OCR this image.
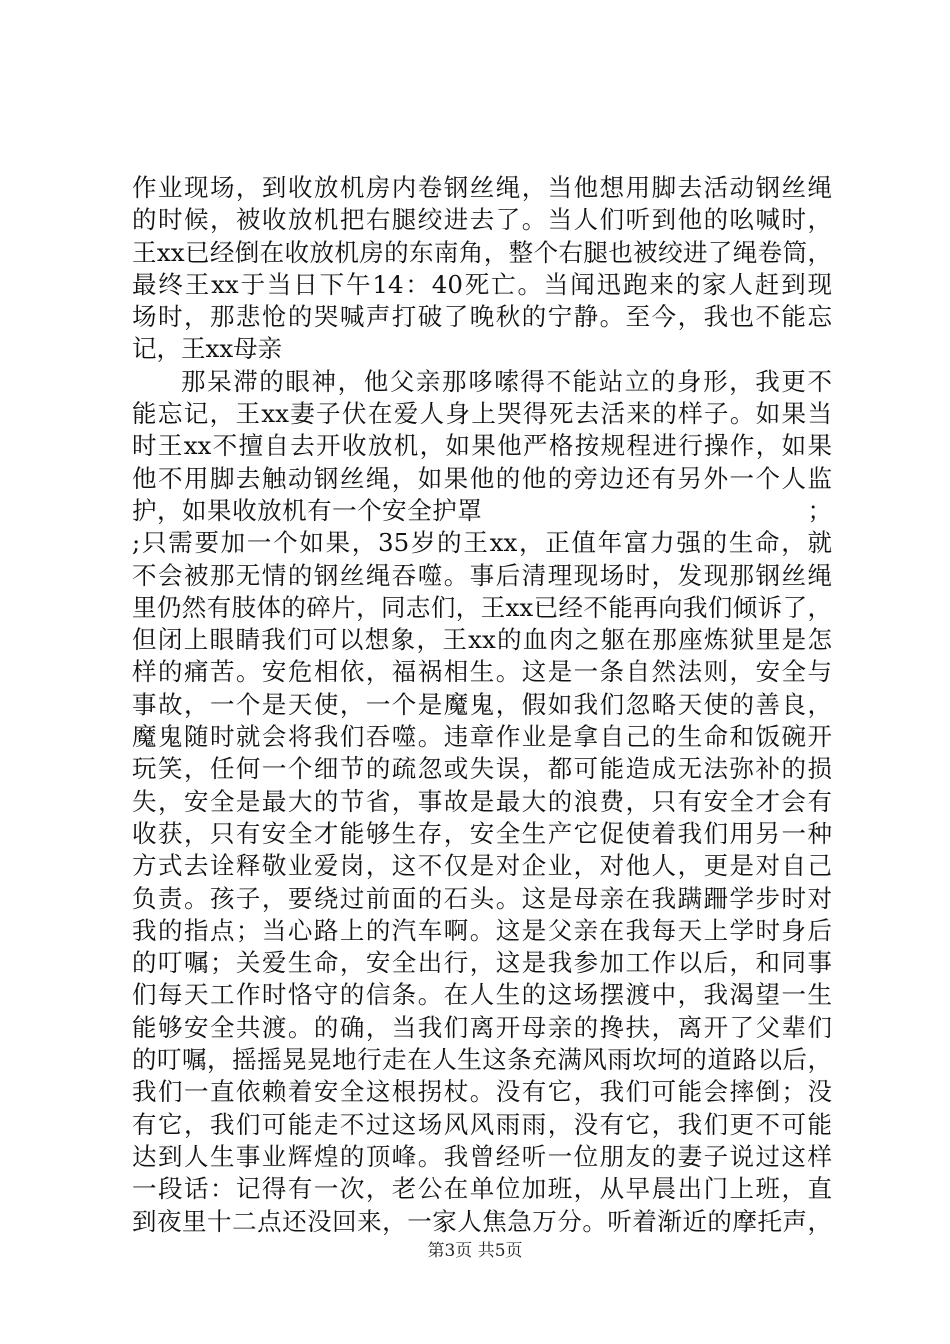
作业现场，到收放机房内卷钢丝绳，当他想用脚去活动钢丝绳
的时候，被收放机把右腿绞进去了。当人们听到他的吆喊时，
王xx已经倒在收放机房的东南角，整个右腿也被绞进了绳卷筒，
最终王xx于当日下午14：40死亡。当闻迅跑来的家人赶到现
场时，那悲怆的哭喊声打破了晚秋的宁静。至今，我也不能忘
记，王xx母亲
那呆滞的眼神，他父亲那哆嗦得不能站立的身形，我更不
能忘记，王xx妻子伏在爱人身上哭得死去活来的样子。如果当
时王xx不擅自去开收放机，如果他严格按规程进行操作，如果
他不用脚去触动钢丝绳，如果他的他的旁边还有另外一个人监
护，如果收放机有一个安全护罩　　　　　　　　　　　　　；
;只需要加一个如果，35岁的王xx，正值年富力强的生命，就
不会被那无情的钢丝绳吞噬。事后清理现场时，发现那钢丝绳
里仍然有肢体的碎片，同志们，王xx已经不能再向我们倾诉了，
但闭上眼睛我们可以想象，王xx的血肉之躯在那座炼狱里是怎
样的痛苦。安危相依，福祸相生。这是一条自然法则，安全与
事故，一个是天使，一个是魔鬼，假如我们忽略天使的善良，
魔鬼随时就会将我们吞噬。违章作业是拿自己的生命和饭碗开
玩笑，任何一个细节的疏忽或失误，都可能造成无法弥补的损
失，安全是最大的节省，事故是最大的浪费，只有安全才会有
收获，只有安全才能够生存，安全生产它促使着我们用另一种
方式去诠释敬业爱岗，这不仅是对企业，对他人，更是对自己
负责。孩子，要绕过前面的石头。这是母亲在我蹒跚学步时对
我的指点；当心路上的汽车啊。这是父亲在我每天上学时身后
的叮嘱；关爱生命，安全出行，这是我参加工作以后，和同事
们每天工作时恪守的信条。在人生的这场摆渡中，我渴望一生
能够安全共渡。的确，当我们离开母亲的搀扶，离开了父辈们
的叮嘱，摇摇晃晃地行走在人生这条充满风雨坎坷的道路以后，
我们一直依赖着安全这根拐杖。没有它，我们可能会摔倒；没
有它，我们可能走不过这场风风雨雨，没有它，我们更不可能
达到人生事业辉煌的顶峰。我曾经听一位朋友的妻子说过这样
一段话：记得有一次，老公在单位加班，从早晨出门上班，直
到夜里十二点还没回来，一家人焦急万分。听着渐近的摩托声，
第3页 共5页
